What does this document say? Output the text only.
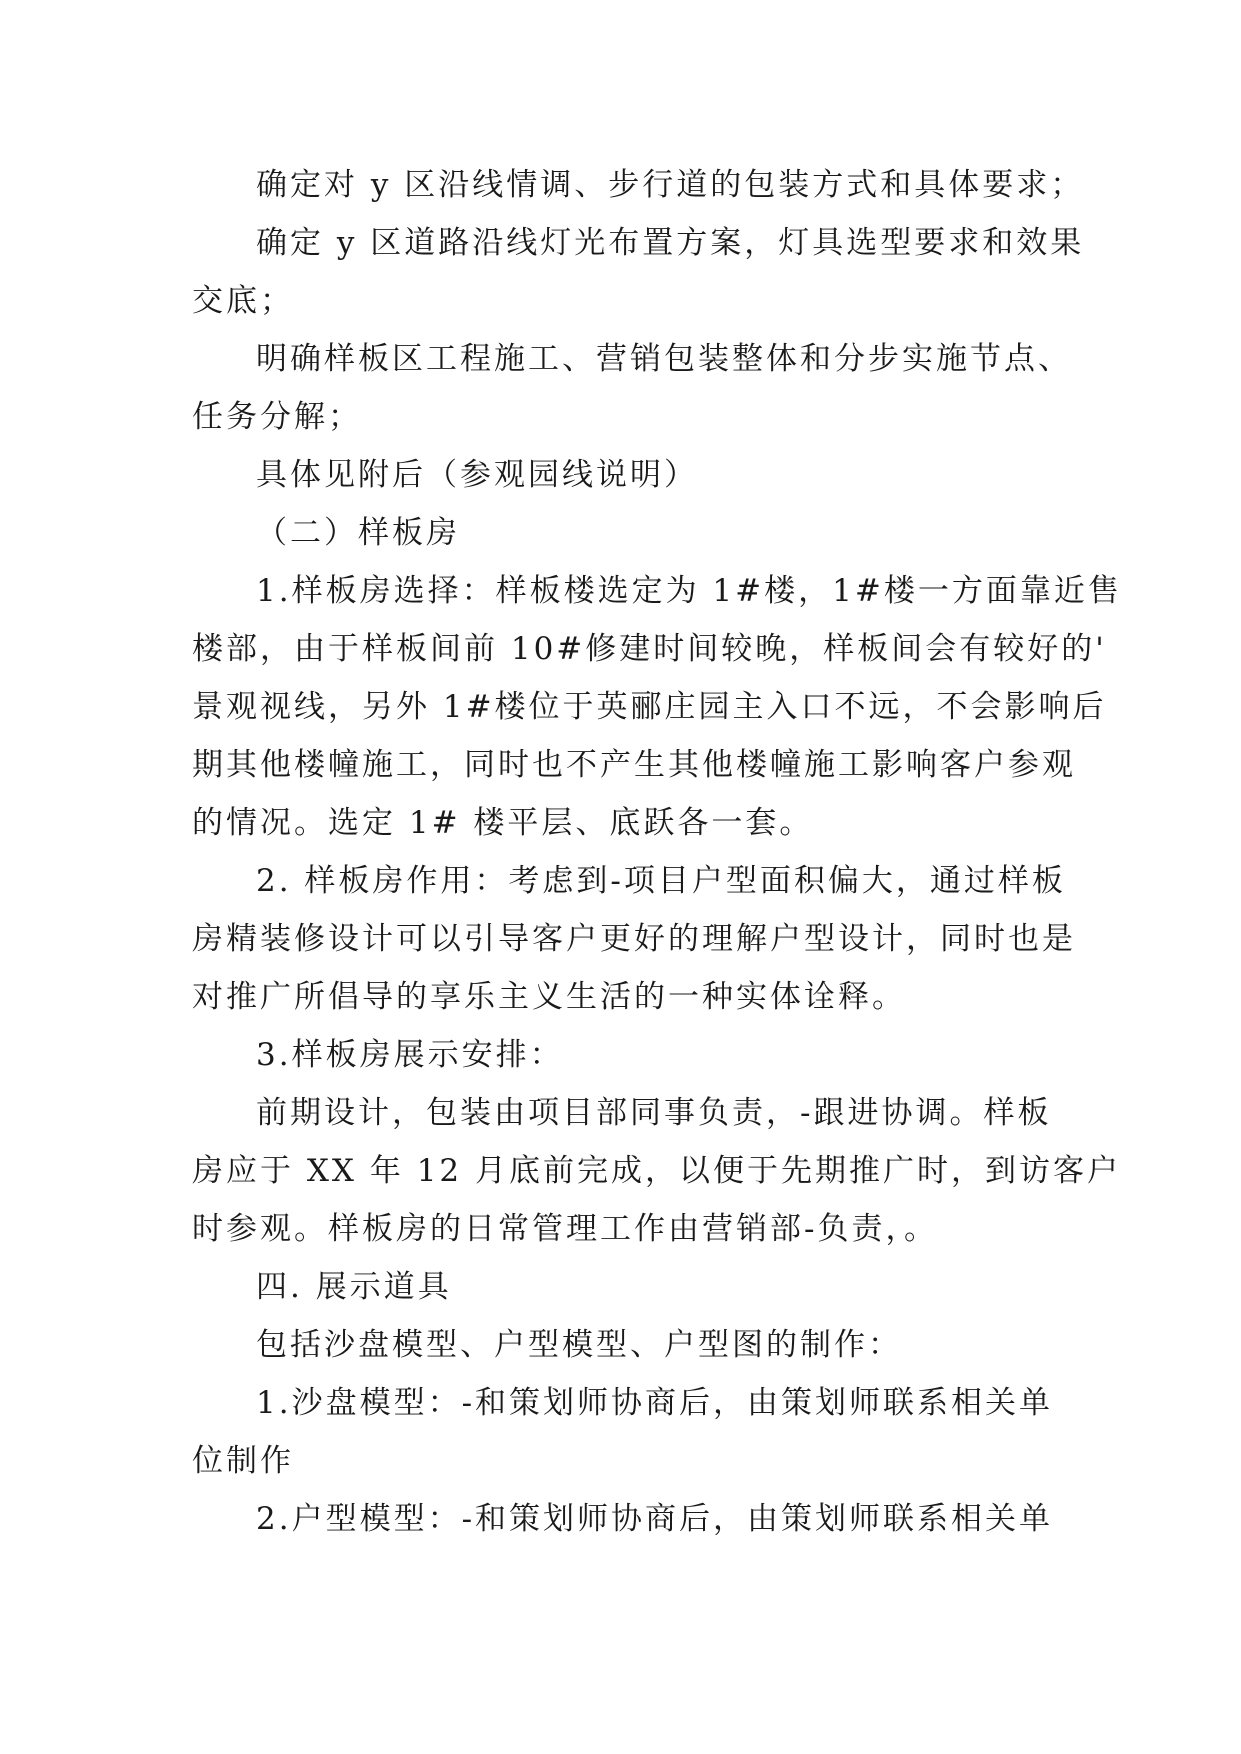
确定对 y 区沿线情调、步行道的包装方式和具体要求；
确定 y 区道路沿线灯光布置方案，灯具选型要求和效果
交底；
明确样板区工程施工、营销包装整体和分步实施节点、
任务分解；
具体见附后（参观园线说明）
（二）样板房
1.样板房选择：样板楼选定为 1#楼，1#楼一方面靠近售
楼部，由于样板间前 10#修建时间较晚，样板间会有较好的'
景观视线，另外 1#楼位于英郦庄园主入口不远，不会影响后
期其他楼幢施工，同时也不产生其他楼幢施工影响客户参观
的情况。选定 1# 楼平层、底跃各一套。
2. 样板房作用：考虑到-项目户型面积偏大，通过样板
房精装修设计可以引导客户更好的理解户型设计，同时也是
对推广所倡导的享乐主义生活的一种实体诠释。
3.样板房展示安排：
前期设计，包装由项目部同事负责，-跟进协调。样板
房应于 XX 年 12 月底前完成，以便于先期推广时，到访客户
时参观。样板房的日常管理工作由营销部-负责，。
四. 展示道具
包括沙盘模型、户型模型、户型图的制作：
1.沙盘模型：-和策划师协商后，由策划师联系相关单
位制作
2.户型模型：-和策划师协商后，由策划师联系相关单
